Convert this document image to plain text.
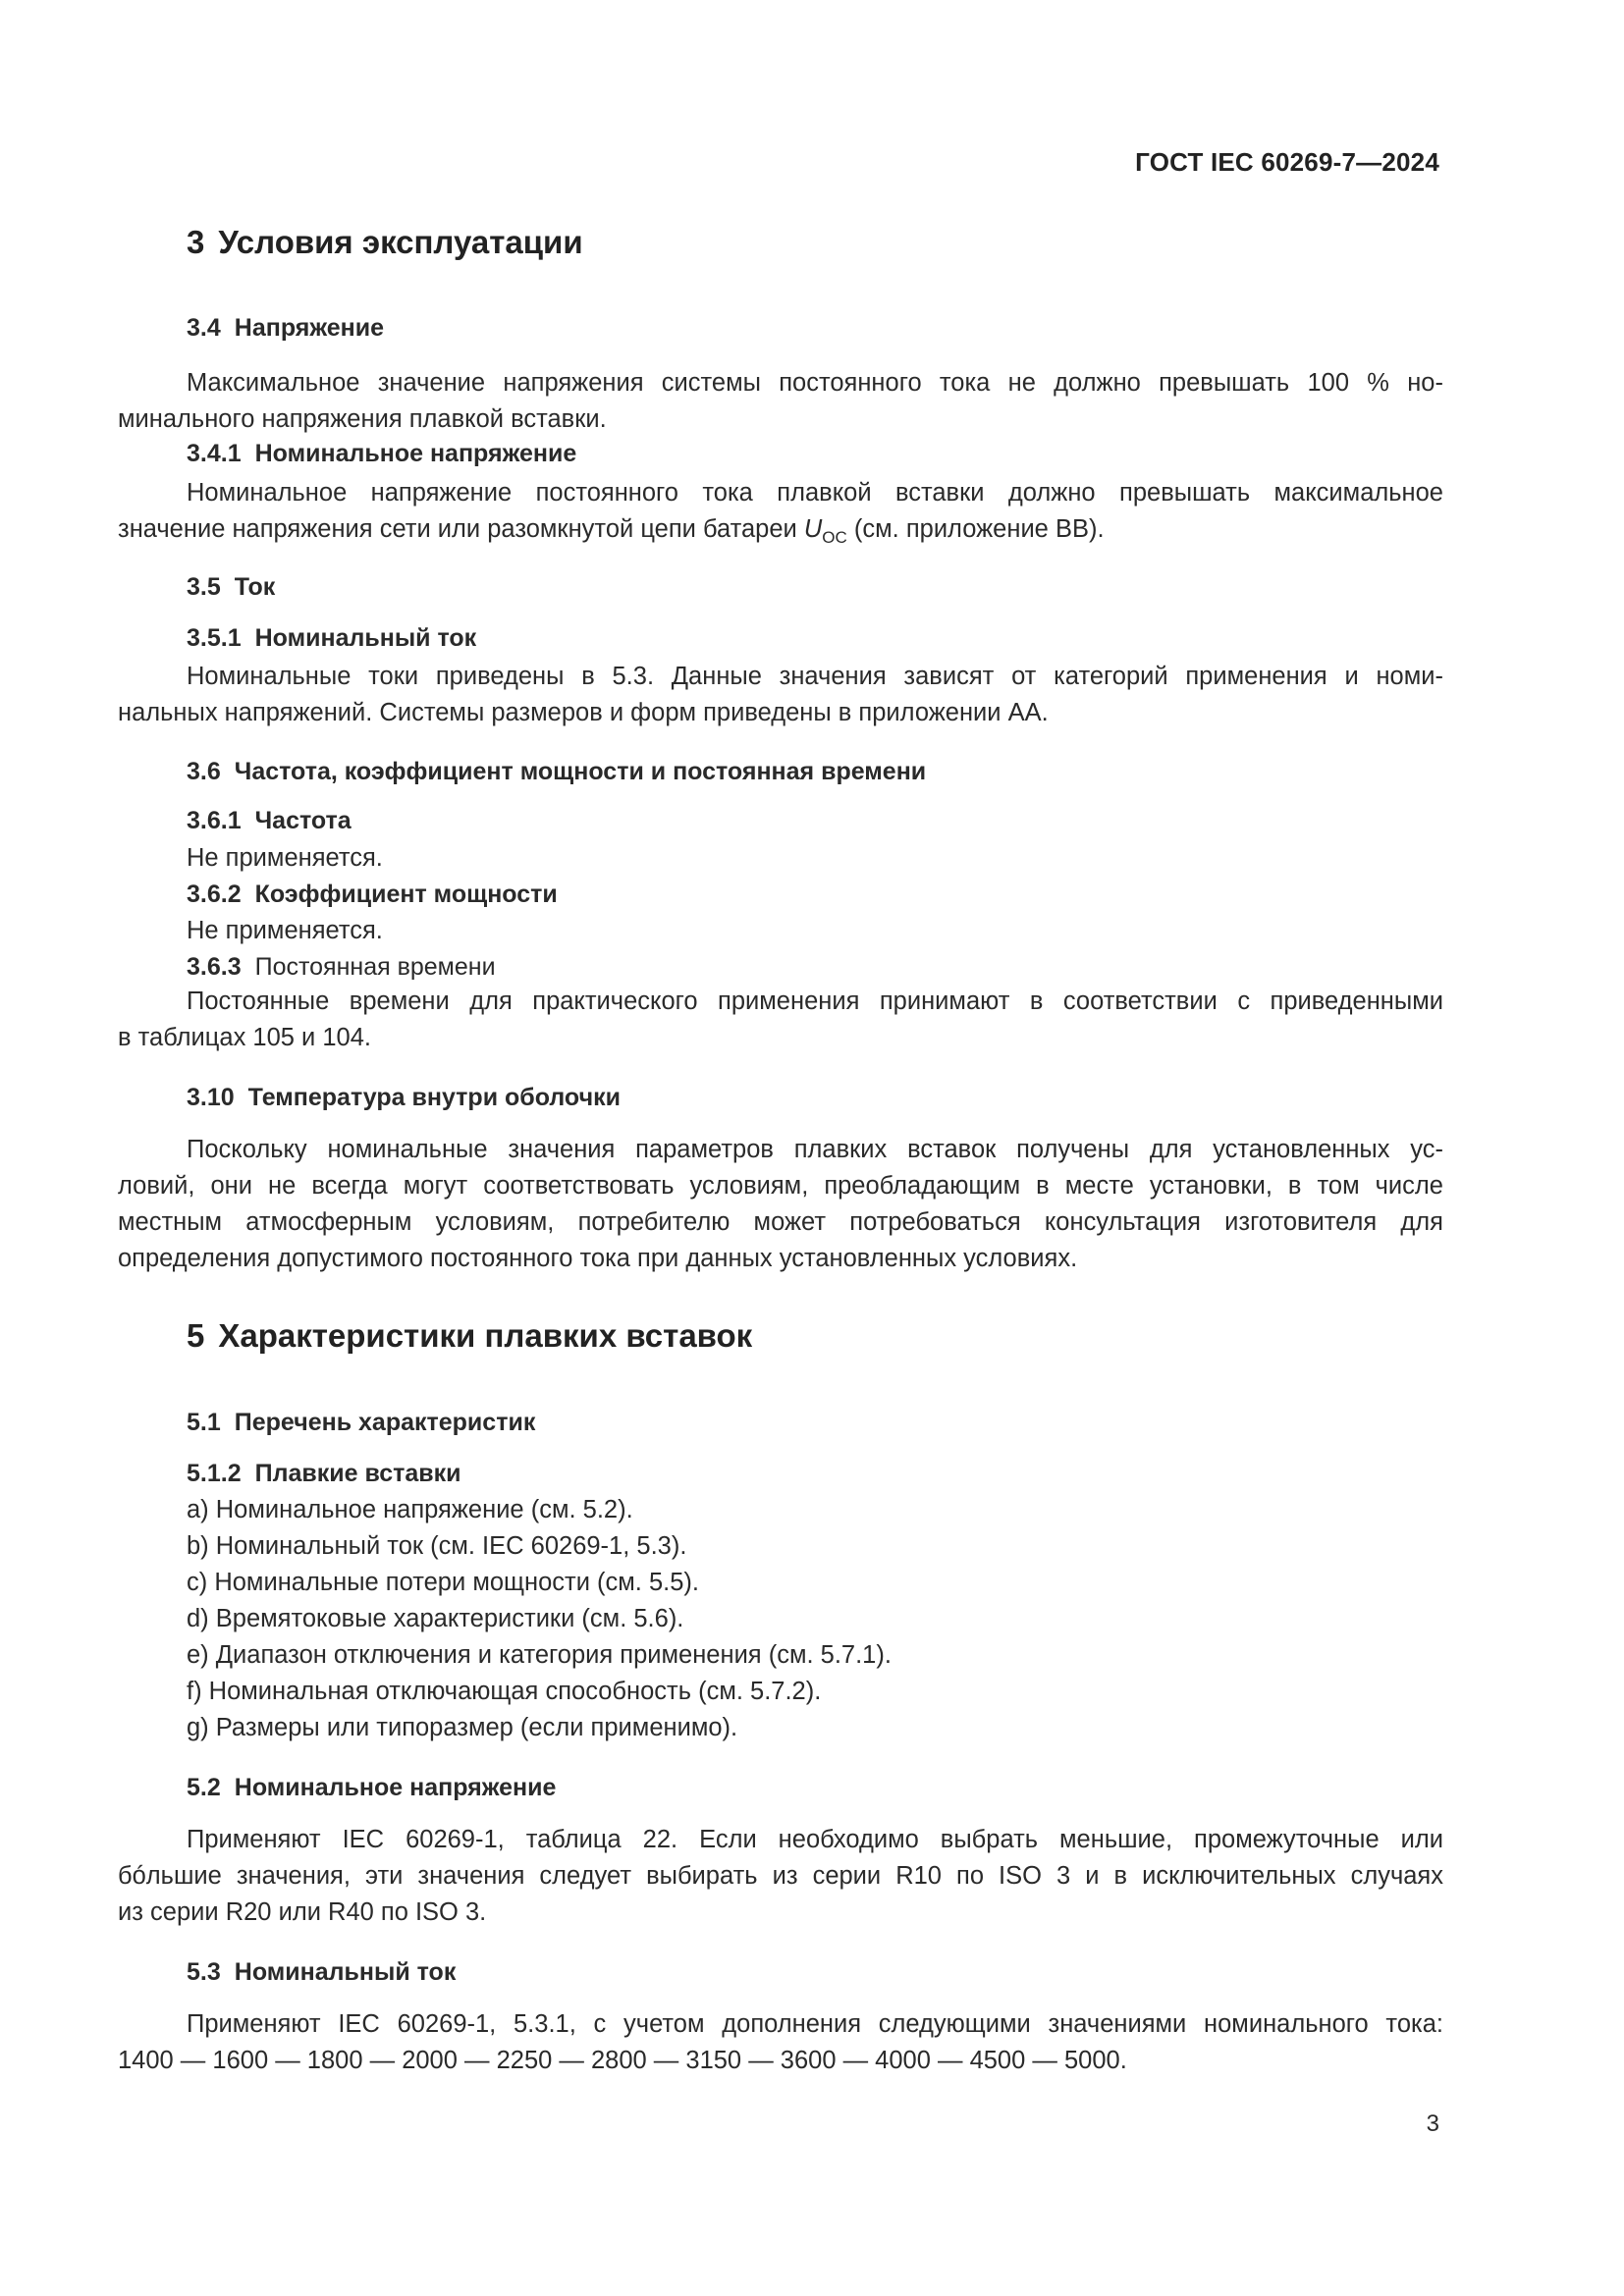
ГОСТ IEC 60269-7—2024
3 Условия эксплуатации
3.4 Напряжение
Максимальное значение напряжения системы постоянного тока не должно превышать 100 % но-
минального напряжения плавкой вставки.
3.4.1 Номинальное напряжение
Номинальное напряжение постоянного тока плавкой вставки должно превышать максимальное
значение напряжения сети или разомкнутой цепи батареи $U_{OC}$ (см. приложение BB).
3.5 Ток
3.5.1 Номинальный ток
Номинальные токи приведены в 5.3. Данные значения зависят от категорий применения и номи-
нальных напряжений. Системы размеров и форм приведены в приложении AA.
3.6 Частота, коэффициент мощности и постоянная времени
3.6.1 Частота
Не применяется.
3.6.2 Коэффициент мощности
Не применяется.
3.6.3 Постоянная времени
Постоянные времени для практического применения принимают в соответствии с приведенными
в таблицах 105 и 104.
3.10 Температура внутри оболочки
Поскольку номинальные значения параметров плавких вставок получены для установленных ус-
ловий, они не всегда могут соответствовать условиям, преобладающим в месте установки, в том числе
местным атмосферным условиям, потребителю может потребоваться консультация изготовителя для
определения допустимого постоянного тока при данных установленных условиях.
5 Характеристики плавких вставок
5.1 Перечень характеристик
5.1.2 Плавкие вставки
a) Номинальное напряжение (см. 5.2).
b) Номинальный ток (см. IEC 60269-1, 5.3).
c) Номинальные потери мощности (см. 5.5).
d) Времятоковые характеристики (см. 5.6).
e) Диапазон отключения и категория применения (см. 5.7.1).
f) Номинальная отключающая способность (см. 5.7.2).
g) Размеры или типоразмер (если применимо).
5.2 Номинальное напряжение
Применяют IEC 60269-1, таблица 22. Если необходимо выбрать меньшие, промежуточные или
бóльшие значения, эти значения следует выбирать из серии R10 по ISO 3 и в исключительных случаях
из серии R20 или R40 по ISO 3.
5.3 Номинальный ток
Применяют IEC 60269-1, 5.3.1, с учетом дополнения следующими значениями номинального тока:
1400 — 1600 — 1800 — 2000 — 2250 — 2800 — 3150 — 3600 — 4000 — 4500 — 5000.
3
